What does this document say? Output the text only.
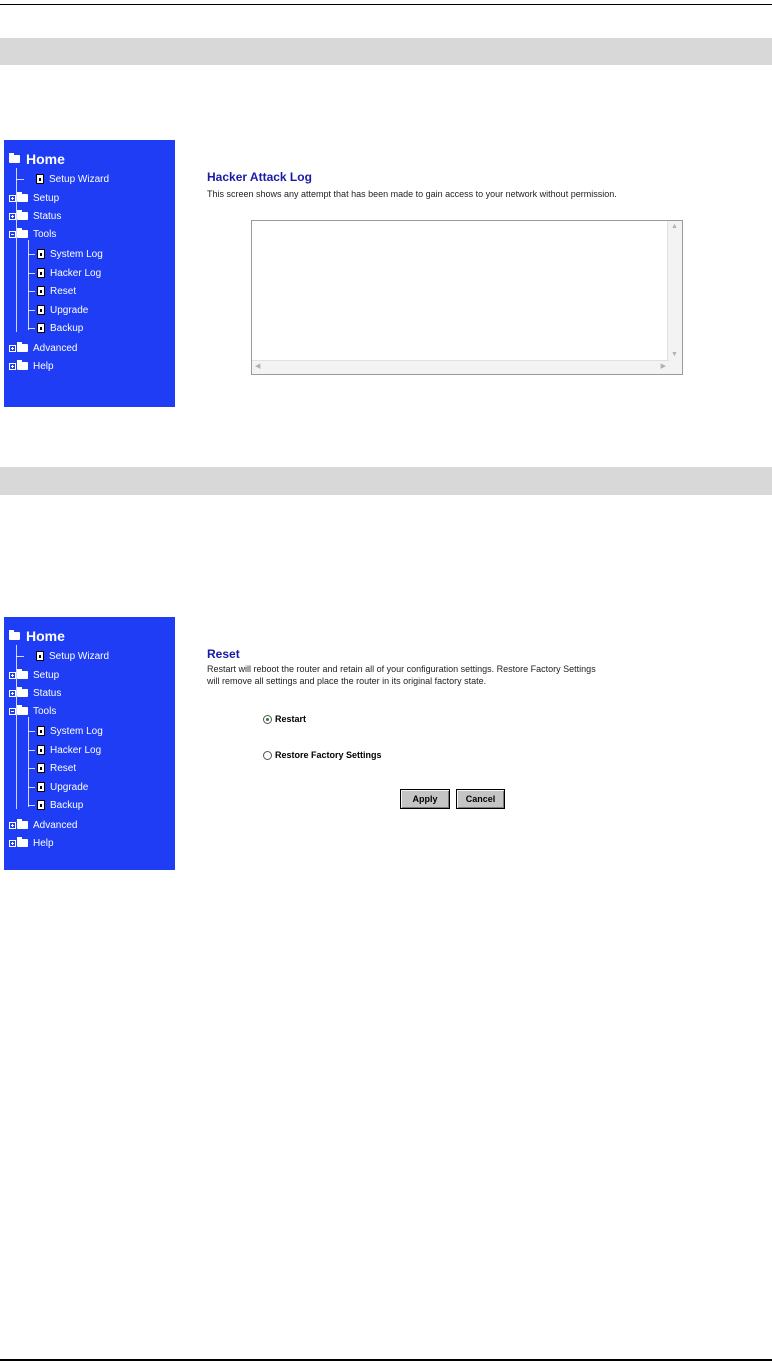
Home
Setup Wizard
Setup
Status
Tools
System Log
Hacker Log
Reset
Upgrade
Backup
Advanced
Help
Hacker Attack Log
This screen shows any attempt that has been made to gain access to your network without permission.
▲
▼
◀	▶
Home
Setup Wizard
Setup
Status
Tools
System Log
Hacker Log
Reset
Upgrade
Backup
Advanced
Help
Reset
Restart will reboot the router and retain all of your configuration settings. Restore Factory Settings
will remove all settings and place the router in its original factory state.
Restart
Restore Factory Settings
Apply	Cancel
